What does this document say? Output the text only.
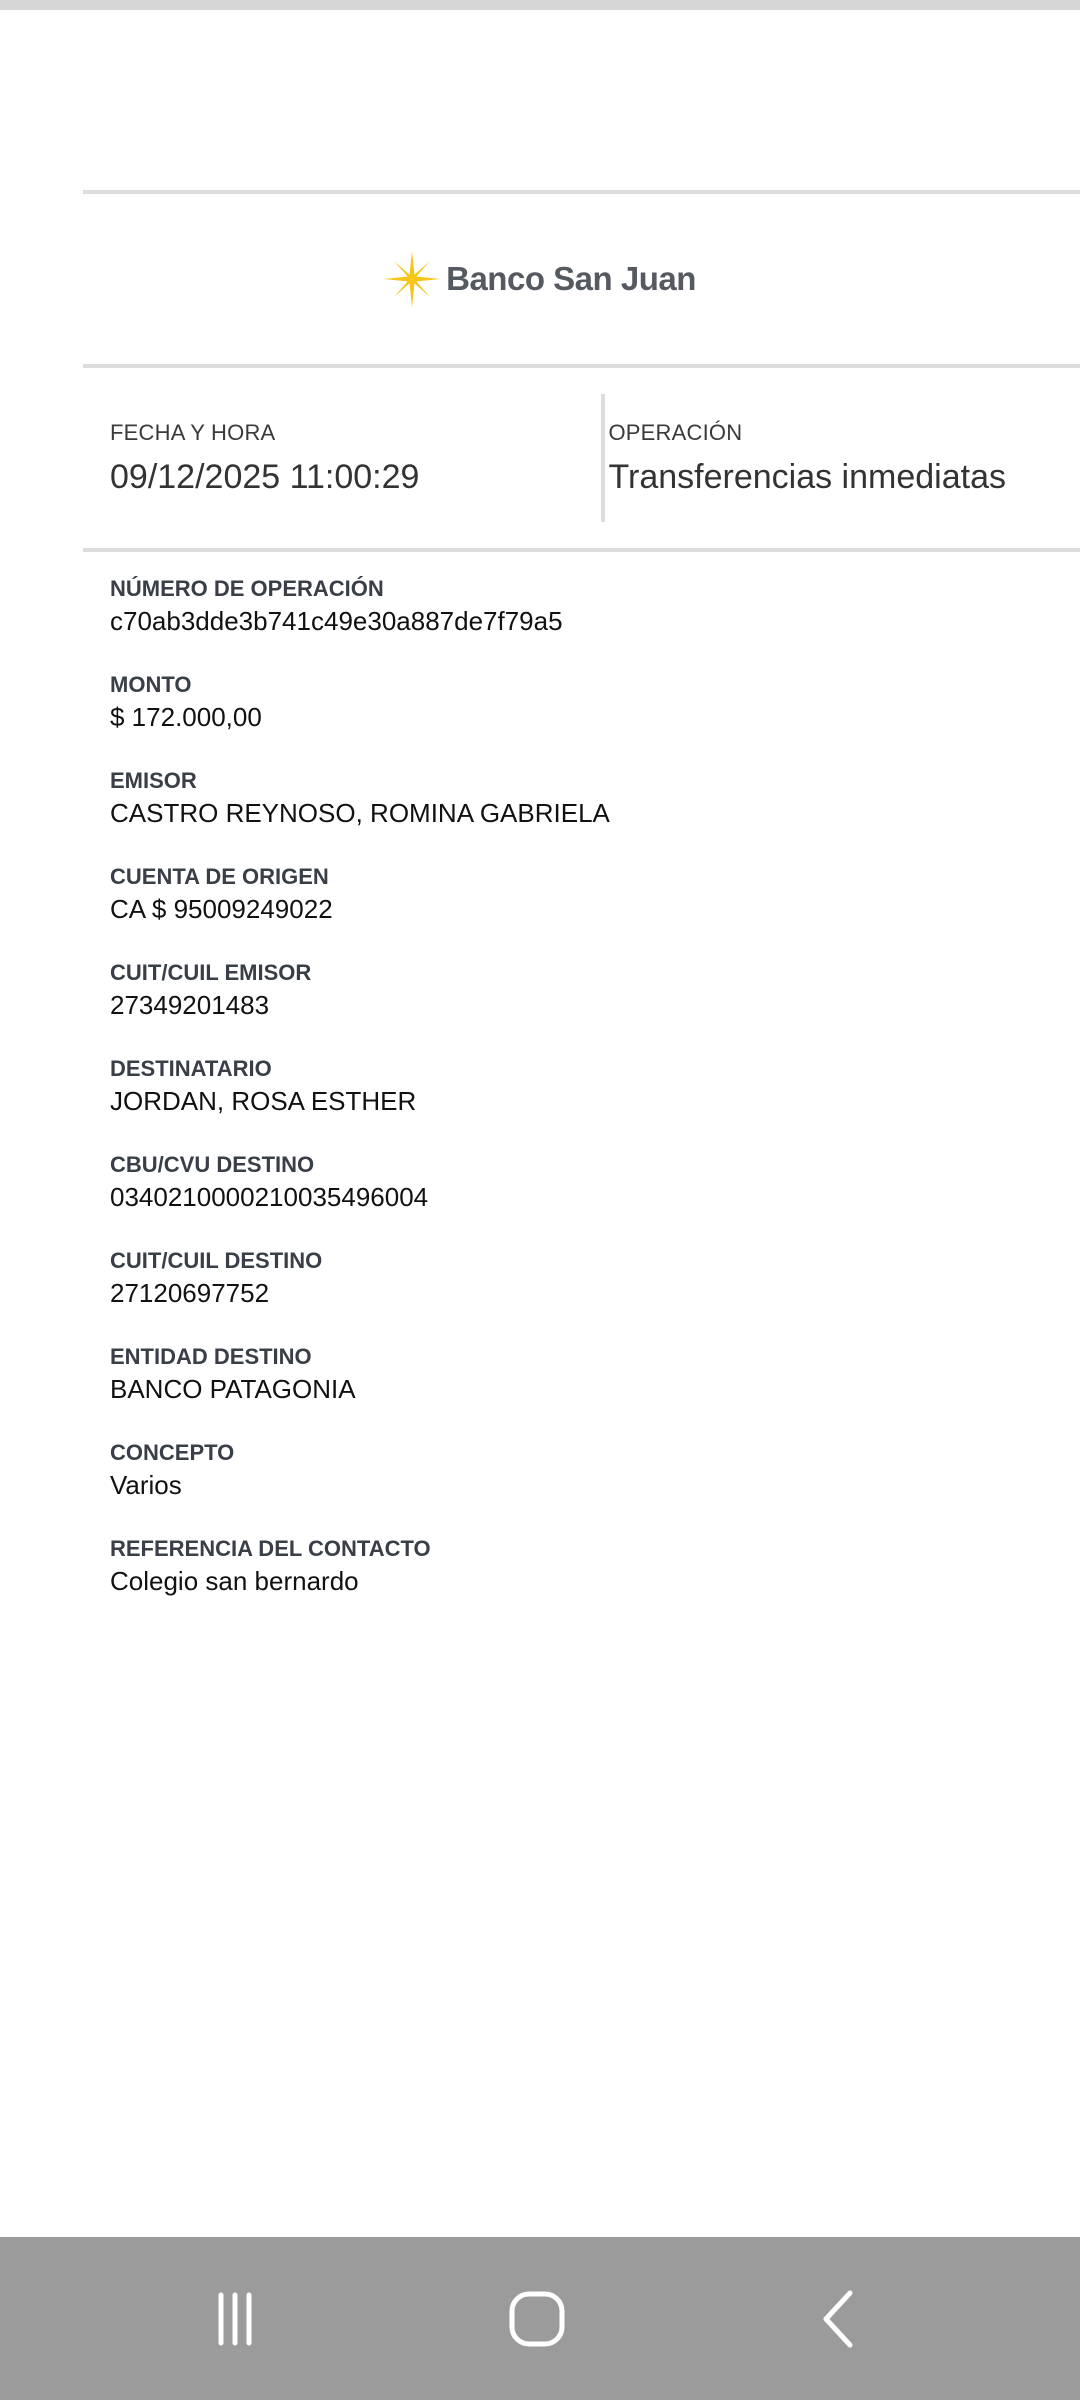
Banco San Juan
FECHA Y HORA
09/12/2025 11:00:29
OPERACIÓN
Transferencias inmediatas
NÚMERO DE OPERACIÓN
c70ab3dde3b741c49e30a887de7f79a5
MONTO
$ 172.000,00
EMISOR
CASTRO REYNOSO, ROMINA GABRIELA
CUENTA DE ORIGEN
CA $ 95009249022
CUIT/CUIL EMISOR
27349201483
DESTINATARIO
JORDAN, ROSA ESTHER
CBU/CVU DESTINO
0340210000210035496004
CUIT/CUIL DESTINO
27120697752
ENTIDAD DESTINO
BANCO PATAGONIA
CONCEPTO
Varios
REFERENCIA DEL CONTACTO
Colegio san bernardo
